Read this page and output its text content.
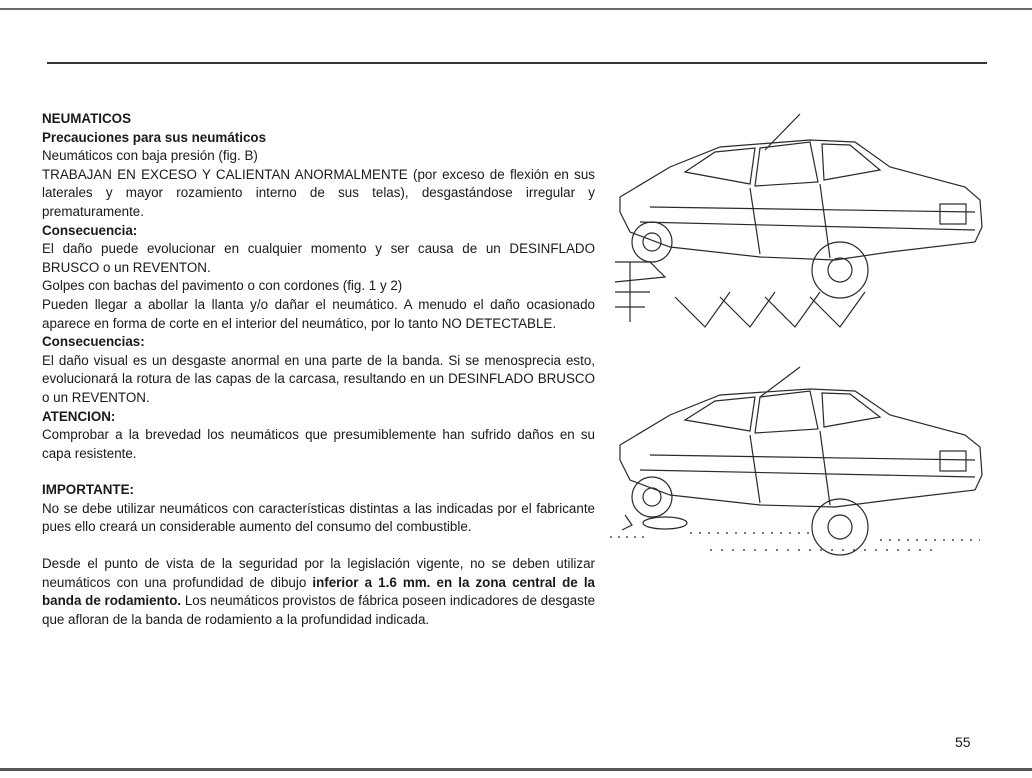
NEUMATICOS

Precauciones para sus neumáticos

Neumáticos con baja presión (fig. B)

TRABAJAN EN EXCESO Y CALIENTAN ANORMALMENTE (por exceso de flexión en sus laterales y mayor rozamiento interno de sus telas), desgastándose irregular y prematuramente.

Consecuencia:

El daño puede evolucionar en cualquier momento y ser causa de un DESINFLADO BRUSCO o un REVENTON.

Golpes con bachas del pavimento o con cordones (fig. 1 y 2)

Pueden llegar a abollar la llanta y/o dañar el neumático. A menudo el daño ocasionado aparece en forma de corte en el interior del neumático, por lo tanto NO DETECTABLE.

Consecuencias:

El daño visual es un desgaste anormal en una parte de la banda. Si se menosprecia esto, evolucionará la rotura de las capas de la carcasa, resultando en un DESINFLADO BRUSCO o un REVENTON.

ATENCION:

Comprobar a la brevedad los neumáticos que presumiblemente han sufrido daños en su capa resistente.

IMPORTANTE:

No se debe utilizar neumáticos con características distintas a las indicadas por el fabricante pues ello creará un considerable aumento del consumo del combustible.

Desde el punto de vista de la seguridad por la legislación vigente, no se deben utilizar neumáticos con una profundidad de dibujo inferior a 1.6 mm. en la zona central de la banda de rodamiento. Los neumáticos provistos de fábrica poseen indicadores de desgaste que afloran de la banda de rodamiento a la profundidad indicada.

55
